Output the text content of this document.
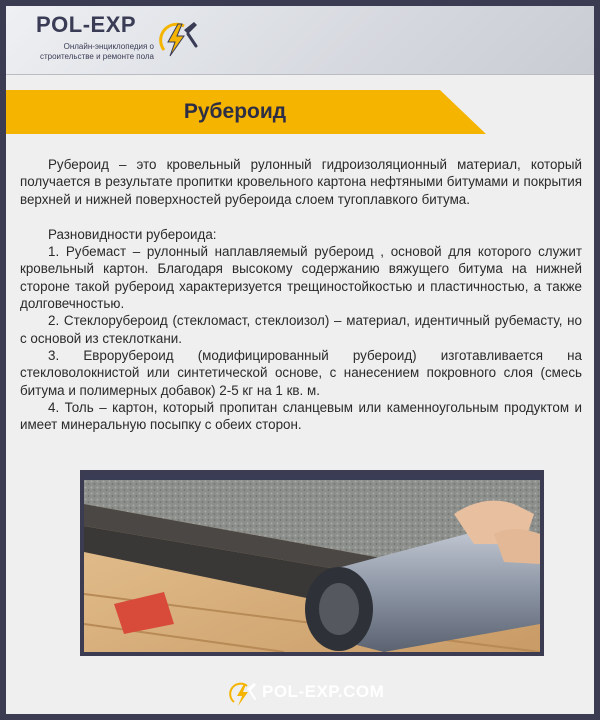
POL-EXP
Онлайн-энциклопедия о строительстве и ремонте пола
Рубероид

Рубероид – это кровельный рулонный гидроизоляционный материал, который получается в результате пропитки кровельного картона нефтяными битумами и покрытия верхней и нижней поверхностей рубероида слоем тугоплавкого битума.

Разновидности рубероида:

1. Рубемаст – рулонный наплавляемый рубероид , основой для которого служит кровельный картон. Благодаря высокому содержанию вяжущего битума на нижней стороне такой рубероид характеризуется трещиностойкостью и пластичностью, а также долговечностью.

2. Стеклорубероид (стекломаст, стеклоизол) – материал, идентичный рубемасту, но с основой из стеклоткани.

3. Еврорубероид (модифицированный рубероид) изготавливается на стекловолокнистой или синтетической основе, с нанесением покровного слоя (смесь битума и полимерных добавок) 2-5 кг на 1 кв. м.

4. Толь – картон, который пропитан сланцевым или каменноугольным продуктом и имеет минеральную посыпку с обеих сторон.

POL-EXP.COM
